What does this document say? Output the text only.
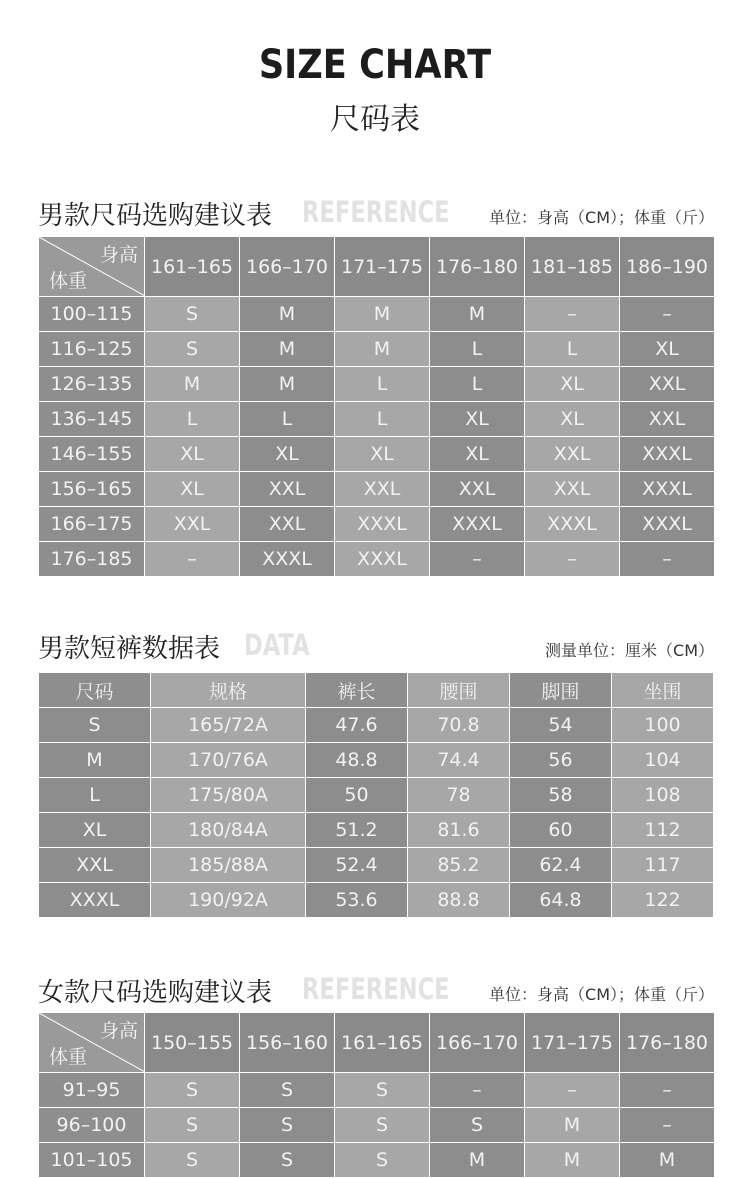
SIZE CHART
尺码表
男款尺码选购建议表 REFERENCE 单位：身高（CM）；体重（斤）
身高
体重	161–165	166–170	171–175	176–180	181–185	186–190
100–115	S	M	M	M	–	–
116–125	S	M	M	L	L	XL
126–135	M	M	L	L	XL	XXL
136–145	L	L	L	XL	XL	XXL
146–155	XL	XL	XL	XL	XXL	XXXL
156–165	XL	XXL	XXL	XXL	XXL	XXXL
166–175	XXL	XXL	XXXL	XXXL	XXXL	XXXL
176–185	–	XXXL	XXXL	–	–	–
男款短裤数据表 DATA	测量单位：厘米（CM）
尺码	规格	裤长	腰围	脚围	坐围
S	165/72A	47.6	70.8	54	100
M	170/76A	48.8	74.4	56	104
L	175/80A	50	78	58	108
XL	180/84A	51.2	81.6	60	112
XXL	185/88A	52.4	85.2	62.4	117
XXXL	190/92A	53.6	88.8	64.8	122
女款尺码选购建议表 REFERENCE 单位：身高（CM）；体重（斤）
身高
体重	150–155	156–160	161–165	166–170	171–175	176–180
91–95	S	S	S	–	–	–
96–100	S	S	S	S	M	–
101–105	S	S	S	M	M	M
